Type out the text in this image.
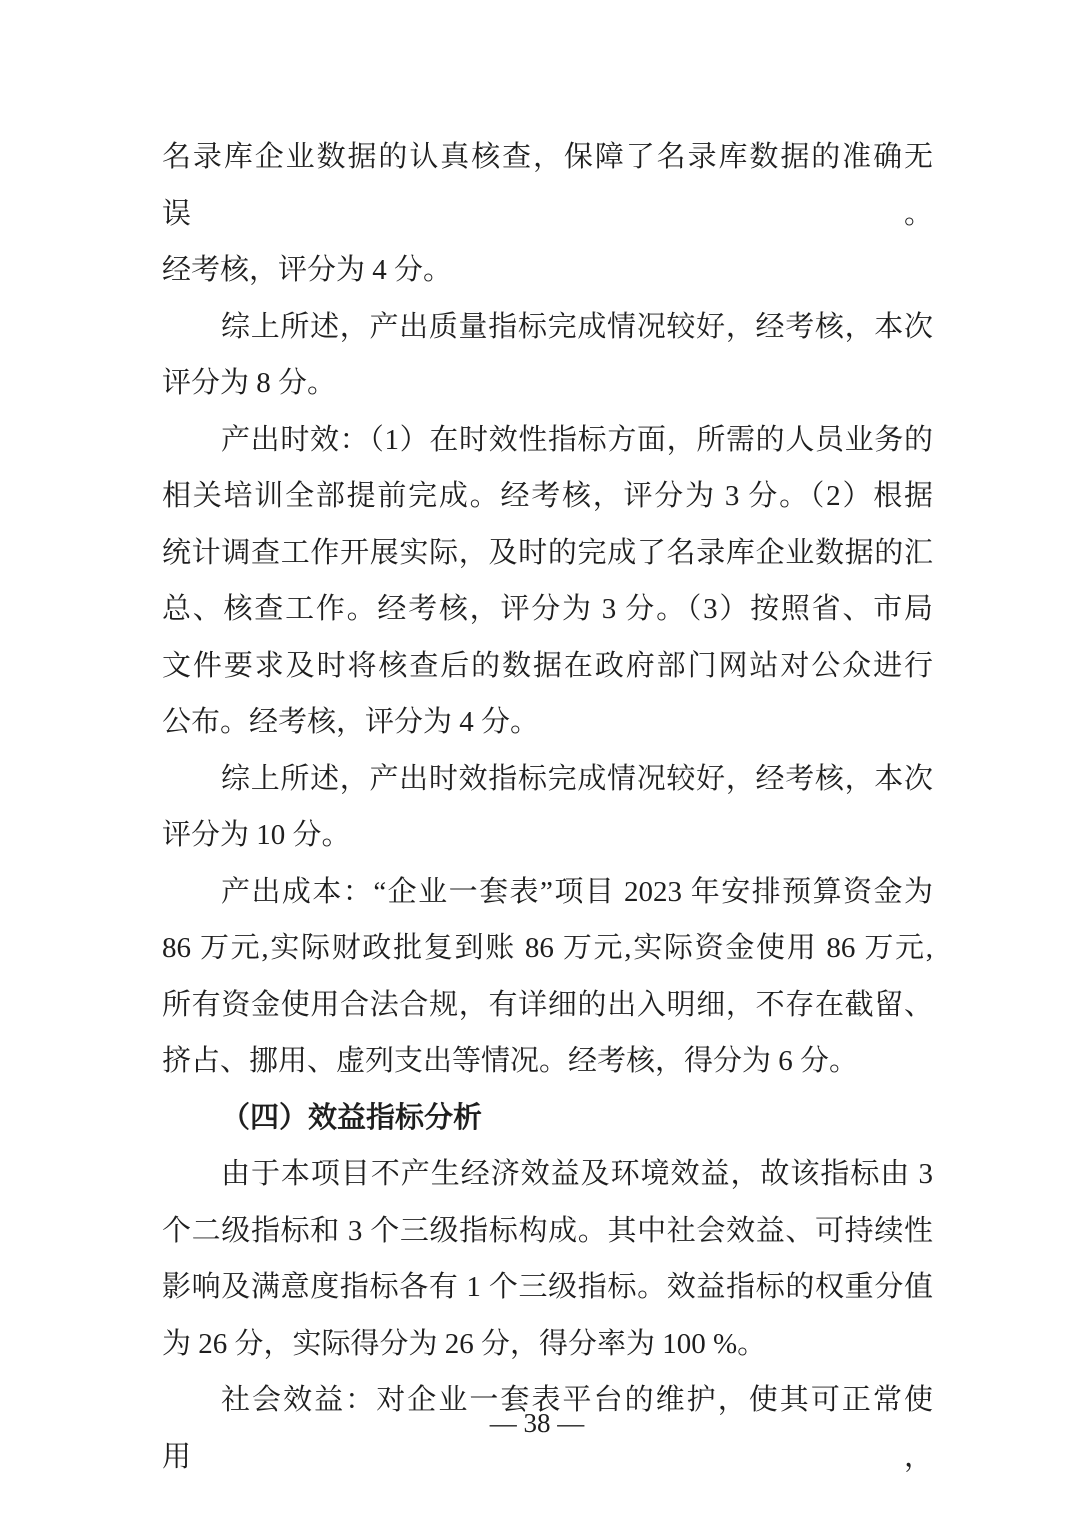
名录库企业数据的认真核查，保障了名录库数据的准确无误。
经考核，评分为 4 分。

综上所述，产出质量指标完成情况较好，经考核，本次
评分为 8 分。

产出时效：（1）在时效性指标方面，所需的人员业务的
相关培训全部提前完成。经考核，评分为 3 分。（2）根据
统计调查工作开展实际，及时的完成了名录库企业数据的汇
总、核查工作。经考核，评分为 3 分。（3）按照省、市局
文件要求及时将核查后的数据在政府部门网站对公众进行
公布。经考核，评分为 4 分。

综上所述，产出时效指标完成情况较好，经考核，本次
评分为 10 分。

产出成本：“企业一套表”项目 2023 年安排预算资金为
86 万元,实际财政批复到账 86 万元,实际资金使用 86 万元,
所有资金使用合法合规，有详细的出入明细，不存在截留、
挤占、挪用、虚列支出等情况。经考核，得分为 6 分。

（四）效益指标分析

由于本项目不产生经济效益及环境效益，故该指标由 3
个二级指标和 3 个三级指标构成。其中社会效益、可持续性
影响及满意度指标各有 1 个三级指标。效益指标的权重分值
为 26 分，实际得分为 26 分，得分率为 100 %。

社会效益：对企业一套表平台的维护，使其可正常使用，

— 38 —
